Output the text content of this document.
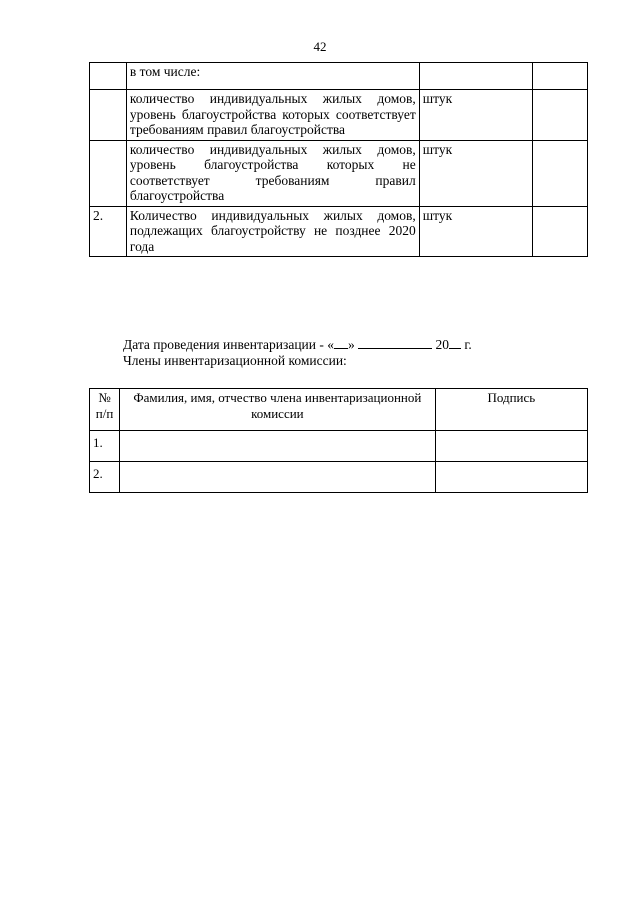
42
	в том числе:		
	количество индивидуальных жилых домов, уровень благоустройства которых соответствует требованиям правил благоустройства	штук	
	количество индивидуальных жилых домов, уровень благоустройства которых не соответствует требованиям правил благоустройства	штук	
2.	Количество индивидуальных жилых домов, подлежащих благоустройству не позднее 2020 года	штук	
Дата проведения инвентаризации - « »	20 г.
Члены инвентаризационной комиссии:
№ п/п	Фамилия, имя, отчество члена инвентаризационной комиссии	Подпись
1.		
2.		
